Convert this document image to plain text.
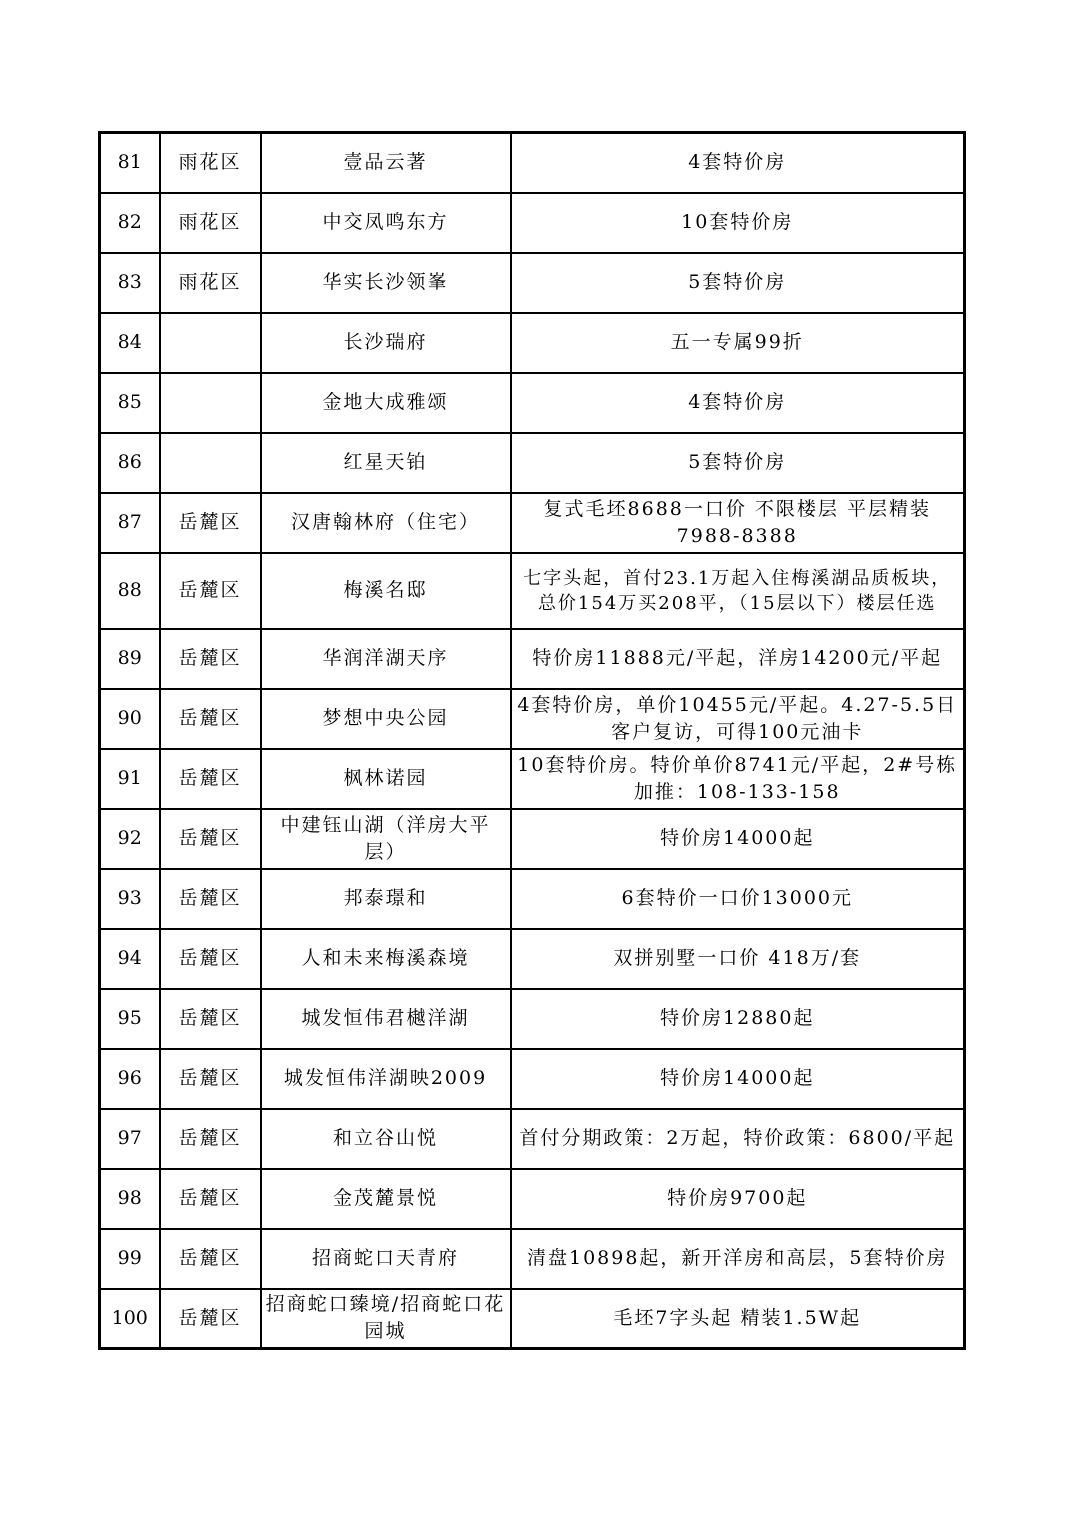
81	雨花区	壹品云著	4套特价房
82	雨花区	中交凤鸣东方	10套特价房
83	雨花区	华实长沙领峯	5套特价房
84		长沙瑞府	五一专属99折
85		金地大成雅颂	4套特价房
86		红星天铂	5套特价房
87	岳麓区	汉唐翰林府（住宅）	复式毛坯8688一口价 不限楼层 平层精装7988-8388
88	岳麓区	梅溪名邸	七字头起，首付23.1万起入住梅溪湖品质板块，总价154万买208平，（15层以下）楼层任选
89	岳麓区	华润洋湖天序	特价房11888元/平起，洋房14200元/平起
90	岳麓区	梦想中央公园	4套特价房，单价10455元/平起。4.27-5.5日客户复访，可得100元油卡
91	岳麓区	枫林诺园	10套特价房。特价单价8741元/平起，2#号栋加推：108-133-158
92	岳麓区	中建钰山湖（洋房大平层）	特价房14000起
93	岳麓区	邦泰璟和	6套特价一口价13000元
94	岳麓区	人和未来梅溪森境	双拼别墅一口价 418万/套
95	岳麓区	城发恒伟君樾洋湖	特价房12880起
96	岳麓区	城发恒伟洋湖映2009	特价房14000起
97	岳麓区	和立谷山悦	首付分期政策：2万起，特价政策：6800/平起
98	岳麓区	金茂麓景悦	特价房9700起
99	岳麓区	招商蛇口天青府	清盘10898起，新开洋房和高层，5套特价房
100	岳麓区	招商蛇口臻境/招商蛇口花园城	毛坯7字头起 精装1.5W起
